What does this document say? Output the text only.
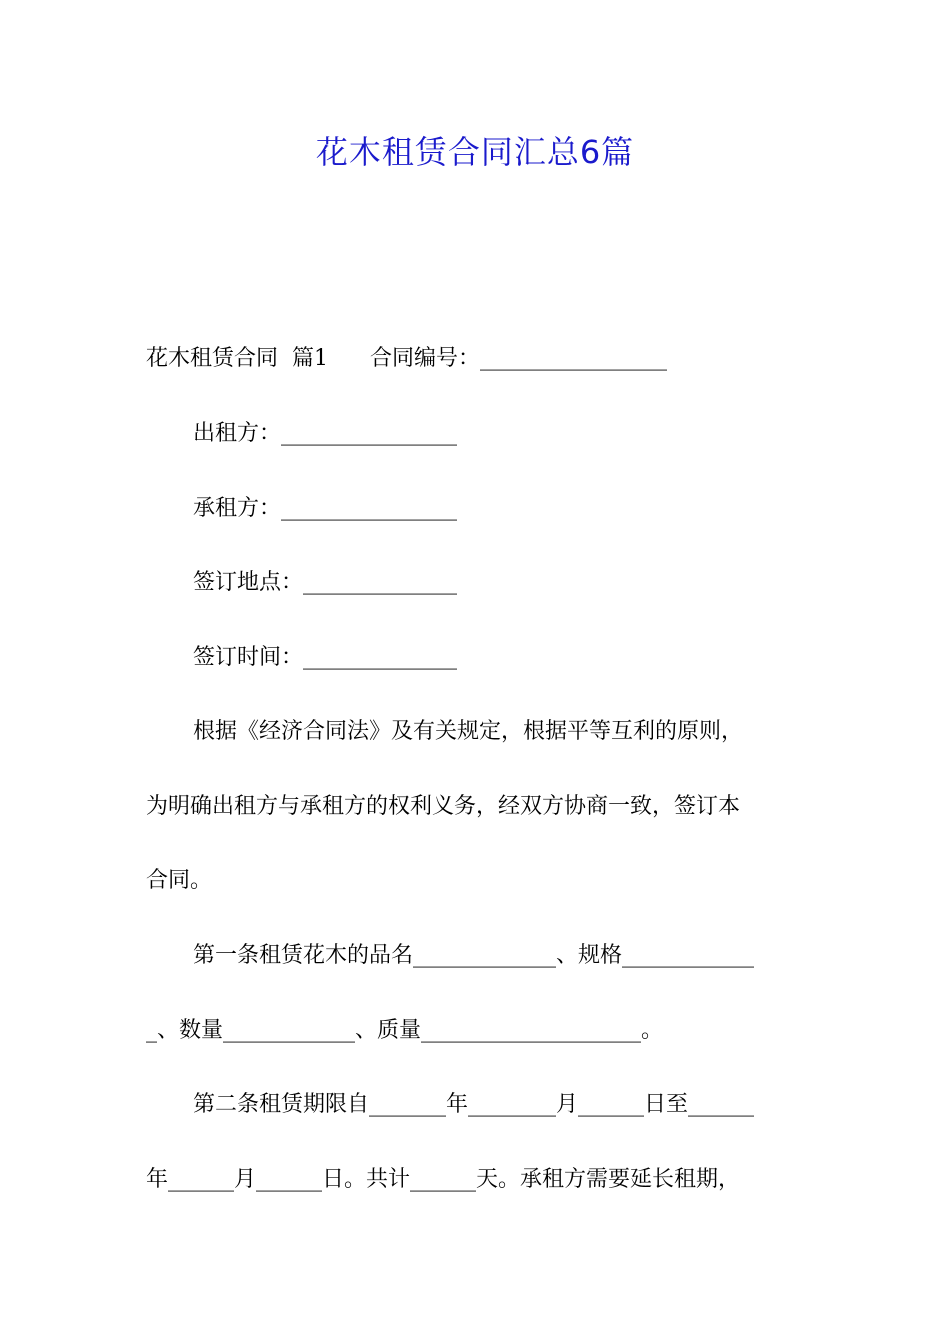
花木租赁合同汇总6篇
花木租赁合同  篇1      合同编号：_________________
出租方：________________
承租方：________________
签订地点：______________
签订时间：______________
根据《经济合同法》及有关规定，根据平等互利的原则，
为明确出租方与承租方的权利义务，经双方协商一致，签订本
合同。
第一条租赁花木的品名_____________、规格____________
_、数量____________、质量____________________。
第二条租赁期限自_______年________月______日至______
年______月______日。共计______天。承租方需要延长租期，
